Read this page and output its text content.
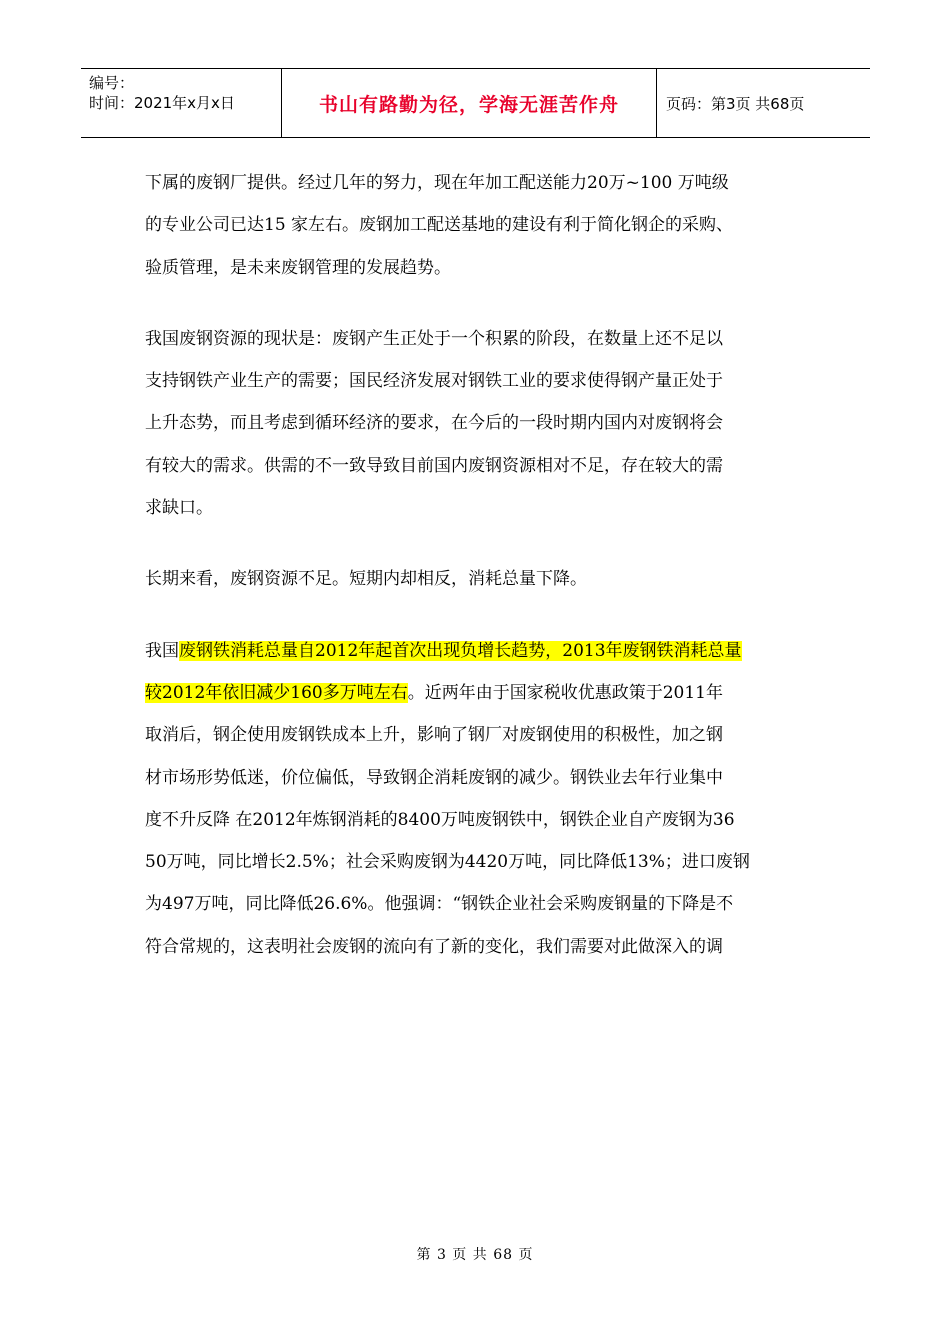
编号：
时间：2021年x月x日	书山有路勤为径，学海无涯苦作舟	页码：第3页 共68页
下属的废钢厂提供。经过几年的努力，现在年加工配送能力20万~100 万吨级
的专业公司已达15 家左右。废钢加工配送基地的建设有利于简化钢企的采购、
验质管理，是未来废钢管理的发展趋势。
我国废钢资源的现状是：废钢产生正处于一个积累的阶段，在数量上还不足以
支持钢铁产业生产的需要；国民经济发展对钢铁工业的要求使得钢产量正处于
上升态势，而且考虑到循环经济的要求，在今后的一段时期内国内对废钢将会
有较大的需求。供需的不一致导致目前国内废钢资源相对不足，存在较大的需
求缺口。
长期来看，废钢资源不足。短期内却相反，消耗总量下降。
我国废钢铁消耗总量自2012年起首次出现负增长趋势，2013年废钢铁消耗总量
较2012年依旧减少160多万吨左右。近两年由于国家税收优惠政策于2011年
取消后，钢企使用废钢铁成本上升，影响了钢厂对废钢使用的积极性，加之钢
材市场形势低迷，价位偏低，导致钢企消耗废钢的减少。钢铁业去年行业集中
度不升反降 在2012年炼钢消耗的8400万吨废钢铁中，钢铁企业自产废钢为36
50万吨，同比增长2.5%；社会采购废钢为4420万吨，同比降低13%；进口废钢
为497万吨，同比降低26.6%。他强调：“钢铁企业社会采购废钢量的下降是不
符合常规的，这表明社会废钢的流向有了新的变化，我们需要对此做深入的调
第 3 页 共 68 页
